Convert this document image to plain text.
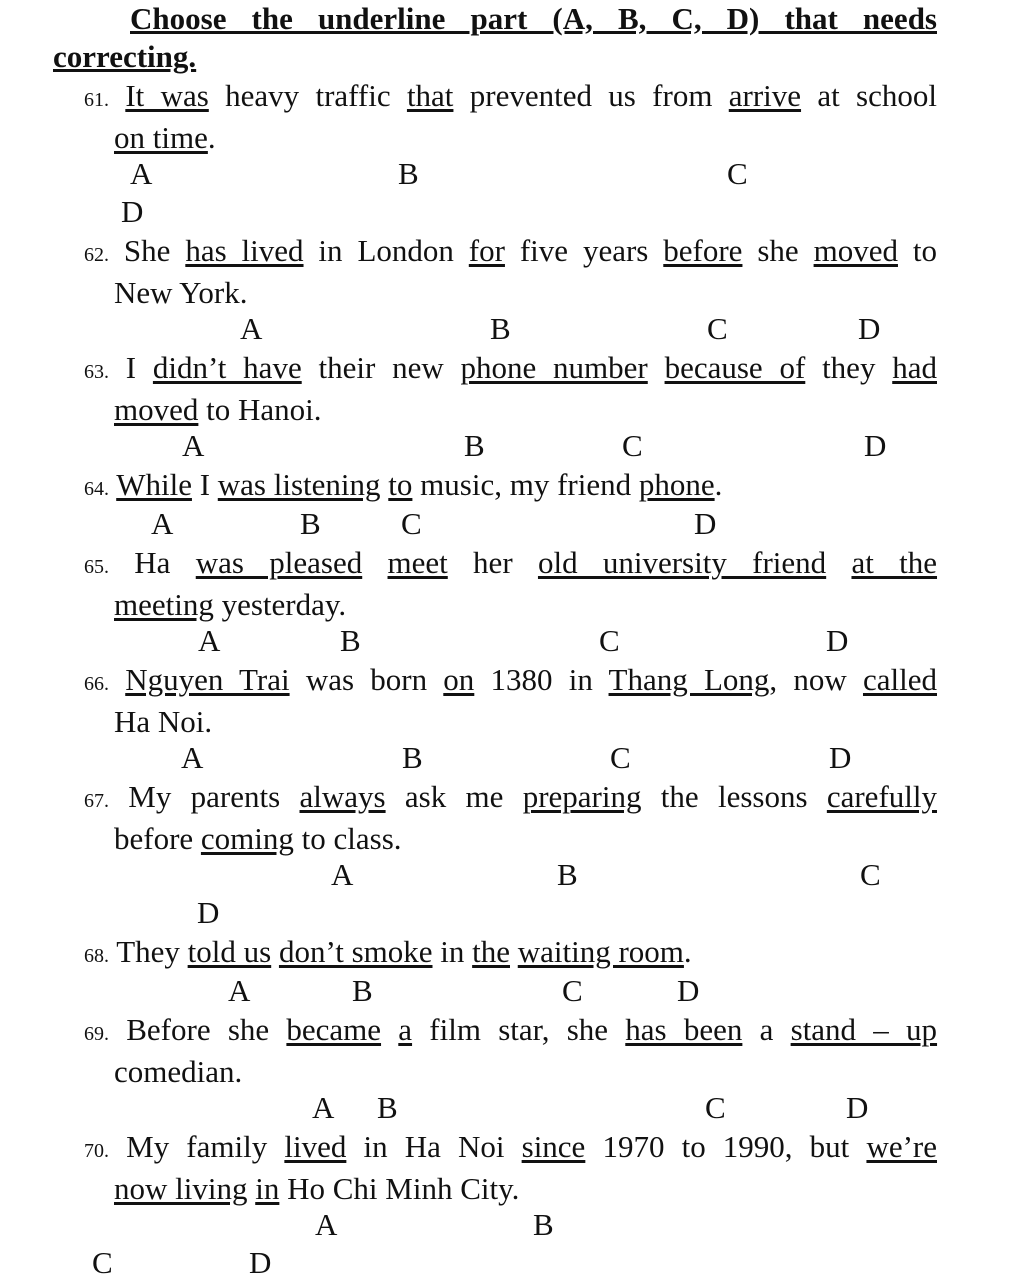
Choose the underline part (A, B, C, D) that needs
correcting.
61. It was heavy traffic that prevented us from arrive at school
on time.
A	B	C
D
62. She has lived in London for five years before she moved to
New York.
A	B	C	D
63. I didn’t have their new phone number because of they had
moved to Hanoi.
A	B	C	D
64. While I was listening to music, my friend phone.
A	B	C	D
65. Ha was pleased meet her old university friend at the
meeting yesterday.
A	B	C	D
66. Nguyen Trai was born on 1380 in Thang Long, now called
Ha Noi.
A	B	C	D
67. My parents always ask me preparing the lessons carefully
before coming to class.
A	B	C
D
68. They told us don’t smoke in the waiting room.
A	B	C	D
69. Before she became a film star, she has been a stand – up
comedian.
A B	C	D
70. My family lived in Ha Noi since 1970 to 1990, but we’re
now living in Ho Chi Minh City.
A	B
C	D
